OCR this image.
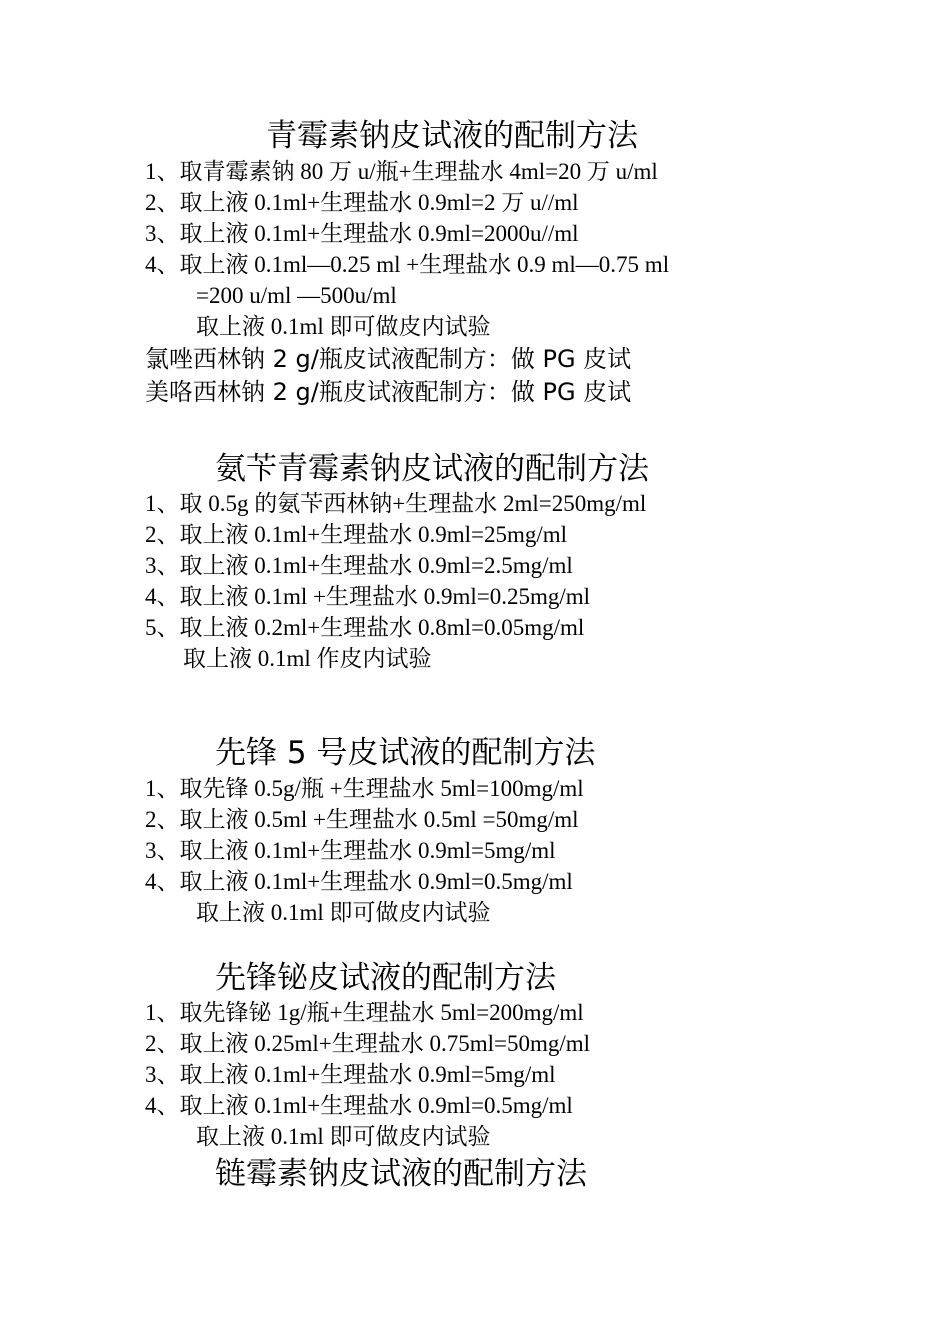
青霉素钠皮试液的配制方法
1、取青霉素钠 80 万 u/瓶+生理盐水 4ml=20 万 u/ml
2、取上液 0.1ml+生理盐水 0.9ml=2 万 u//ml
3、取上液 0.1ml+生理盐水 0.9ml=2000u//ml
4、取上液 0.1ml—0.25 ml +生理盐水 0.9 ml—0.75 ml
=200 u/ml —500u/ml
取上液 0.1ml 即可做皮内试验
氯唑西林钠 2 g/瓶皮试液配制方：做 PG 皮试
美咯西林钠 2 g/瓶皮试液配制方：做 PG 皮试
氨苄青霉素钠皮试液的配制方法
1、取 0.5g 的氨苄西林钠+生理盐水 2ml=250mg/ml
2、取上液 0.1ml+生理盐水 0.9ml=25mg/ml
3、取上液 0.1ml+生理盐水 0.9ml=2.5mg/ml
4、取上液 0.1ml +生理盐水 0.9ml=0.25mg/ml
5、取上液 0.2ml+生理盐水 0.8ml=0.05mg/ml
取上液 0.1ml 作皮内试验
先锋 5 号皮试液的配制方法
1、取先锋 0.5g/瓶 +生理盐水 5ml=100mg/ml
2、取上液 0.5ml +生理盐水 0.5ml =50mg/ml
3、取上液 0.1ml+生理盐水 0.9ml=5mg/ml
4、取上液 0.1ml+生理盐水 0.9ml=0.5mg/ml
取上液 0.1ml 即可做皮内试验
先锋铋皮试液的配制方法
1、取先锋铋 1g/瓶+生理盐水 5ml=200mg/ml
2、取上液 0.25ml+生理盐水 0.75ml=50mg/ml
3、取上液 0.1ml+生理盐水 0.9ml=5mg/ml
4、取上液 0.1ml+生理盐水 0.9ml=0.5mg/ml
取上液 0.1ml 即可做皮内试验
链霉素钠皮试液的配制方法
